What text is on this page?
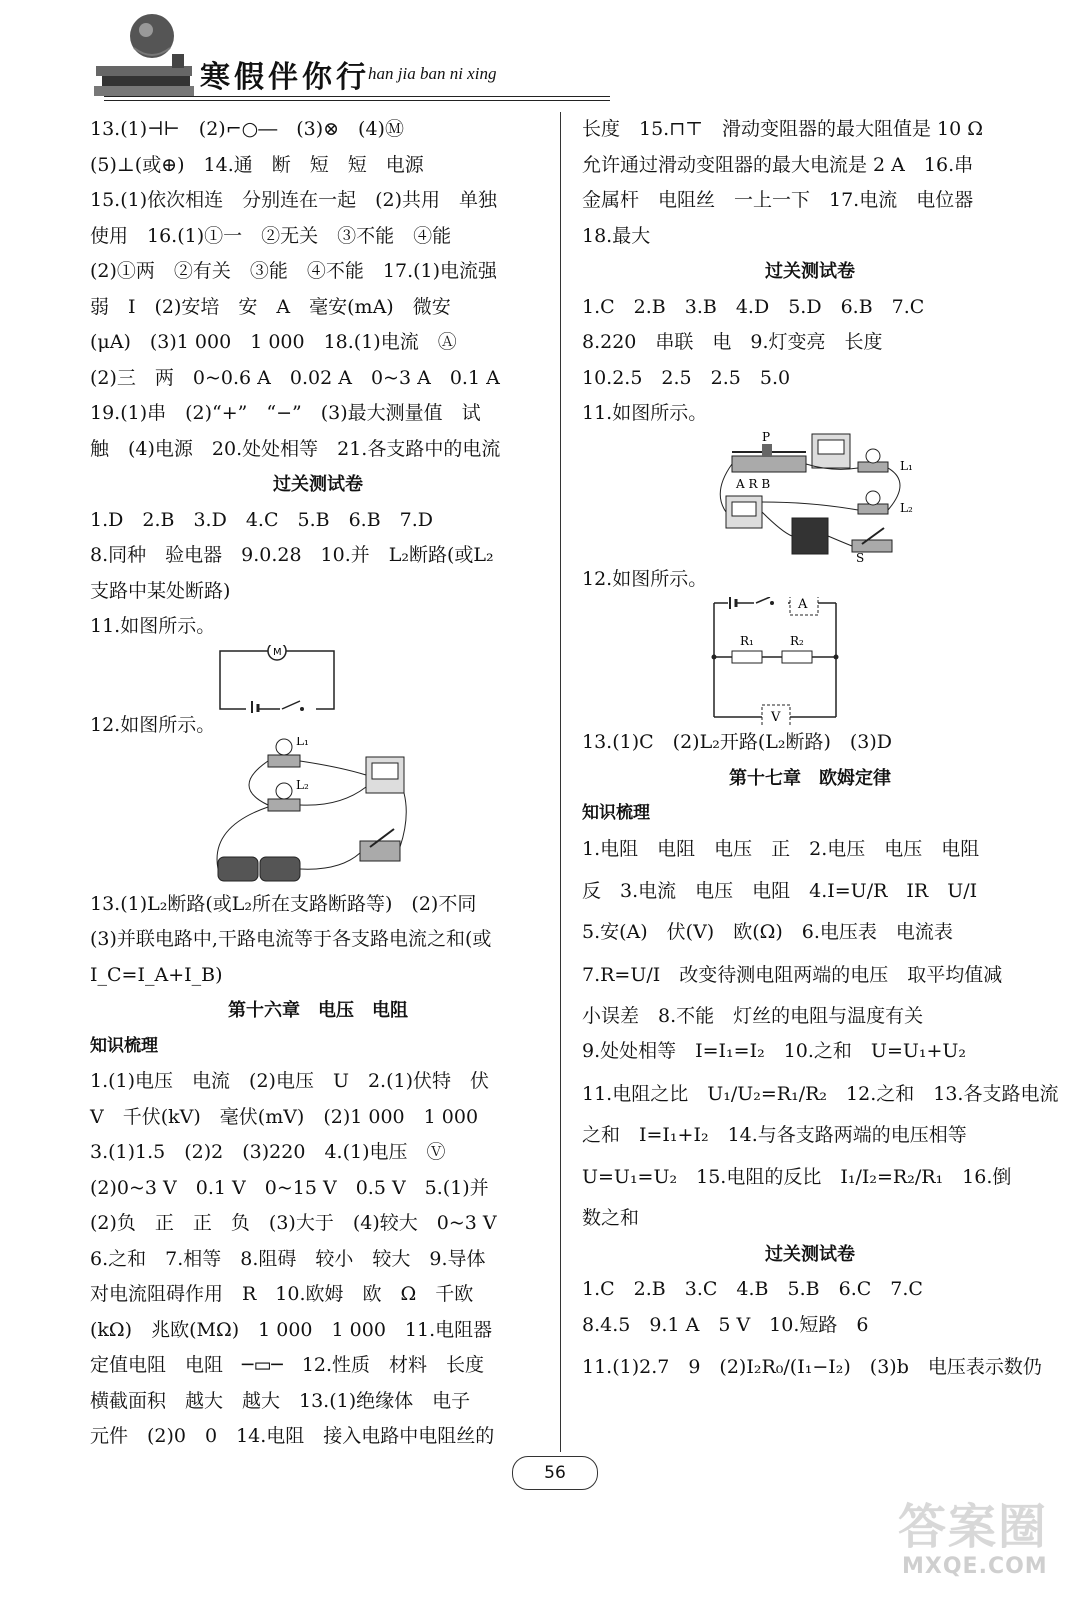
寒假伴你行
han jia ban ni xing
13.(1)⊣⊢　(2)⌐○―　(3)⊗　(4)Ⓜ
(5)⊥(或⊕)　14.通　断　短　短　电源
15.(1)依次相连　分别连在一起　(2)共用　单独
使用　16.(1)①一　②无关　③不能　④能
(2)①两　②有关　③能　④不能　17.(1)电流强
弱　I　(2)安培　安　A　毫安(mA)　微安
(μA)　(3)1 000　1 000　18.(1)电流　Ⓐ
(2)三　两　0~0.6 A　0.02 A　0~3 A　0.1 A
19.(1)串　(2)“+”　“−”　(3)最大测量值　试
触　(4)电源　20.处处相等　21.各支路中的电流
过关测试卷
1.D　2.B　3.D　4.C　5.B　6.B　7.D
8.同种　验电器　9.0.28　10.并　L₂断路(或L₂
支路中某处断路)
11.如图所示。
M
12.如图所示。
L₁
L₂
13.(1)L₂断路(或L₂所在支路断路等)　(2)不同
(3)并联电路中,干路电流等于各支路电流之和(或
I_C=I_A+I_B)
第十六章　电压　电阻
知识梳理
1.(1)电压　电流　(2)电压　U　2.(1)伏特　伏
V　千伏(kV)　毫伏(mV)　(2)1 000　1 000
3.(1)1.5　(2)2　(3)220　4.(1)电压　Ⓥ
(2)0~3 V　0.1 V　0~15 V　0.5 V　5.(1)并
(2)负　正　正　负　(3)大于　(4)较大　0~3 V
6.之和　7.相等　8.阻碍　较小　较大　9.导体
对电流阻碍作用　R　10.欧姆　欧　Ω　千欧
(kΩ)　兆欧(MΩ)　1 000　1 000　11.电阻器
定值电阻　电阻　─▭─　12.性质　材料　长度
横截面积　越大　越大　13.(1)绝缘体　电子
元件　(2)0　0　14.电阻　接入电路中电阻丝的
长度　15.⊓⊤　滑动变阻器的最大阻值是 10 Ω
允许通过滑动变阻器的最大电流是 2 A　16.串
金属杆　电阻丝　一上一下　17.电流　电位器
18.最大
过关测试卷
1.C　2.B　3.B　4.D　5.D　6.B　7.C
8.220　串联　电　9.灯变亮　长度
10.2.5　2.5　2.5　5.0
11.如图所示。
P
A R B
L₁
L₂
S
12.如图所示。
A
R₁	R₂
V
13.(1)C　(2)L₂开路(L₂断路)　(3)D
第十七章　欧姆定律
知识梳理
1.电阻　电阻　电压　正　2.电压　电压　电阻
反　3.电流　电压　电阻　4.I=U/R　IR　U/I
5.安(A)　伏(V)　欧(Ω)　6.电压表　电流表
7.R=U/I　改变待测电阻两端的电压　取平均值减
小误差　8.不能　灯丝的电阻与温度有关
9.处处相等　I=I₁=I₂　10.之和　U=U₁+U₂
11.电阻之比　U₁/U₂=R₁/R₂　12.之和　13.各支路电流
之和　I=I₁+I₂　14.与各支路两端的电压相等
U=U₁=U₂　15.电阻的反比　I₁/I₂=R₂/R₁　16.倒
数之和
过关测试卷
1.C　2.B　3.C　4.B　5.B　6.C　7.C
8.4.5　9.1 A　5 V　10.短路　6
11.(1)2.7　9　(2)I₂R₀/(I₁−I₂)　(3)b　电压表示数仍
56
答案圈
MXQE.COM
